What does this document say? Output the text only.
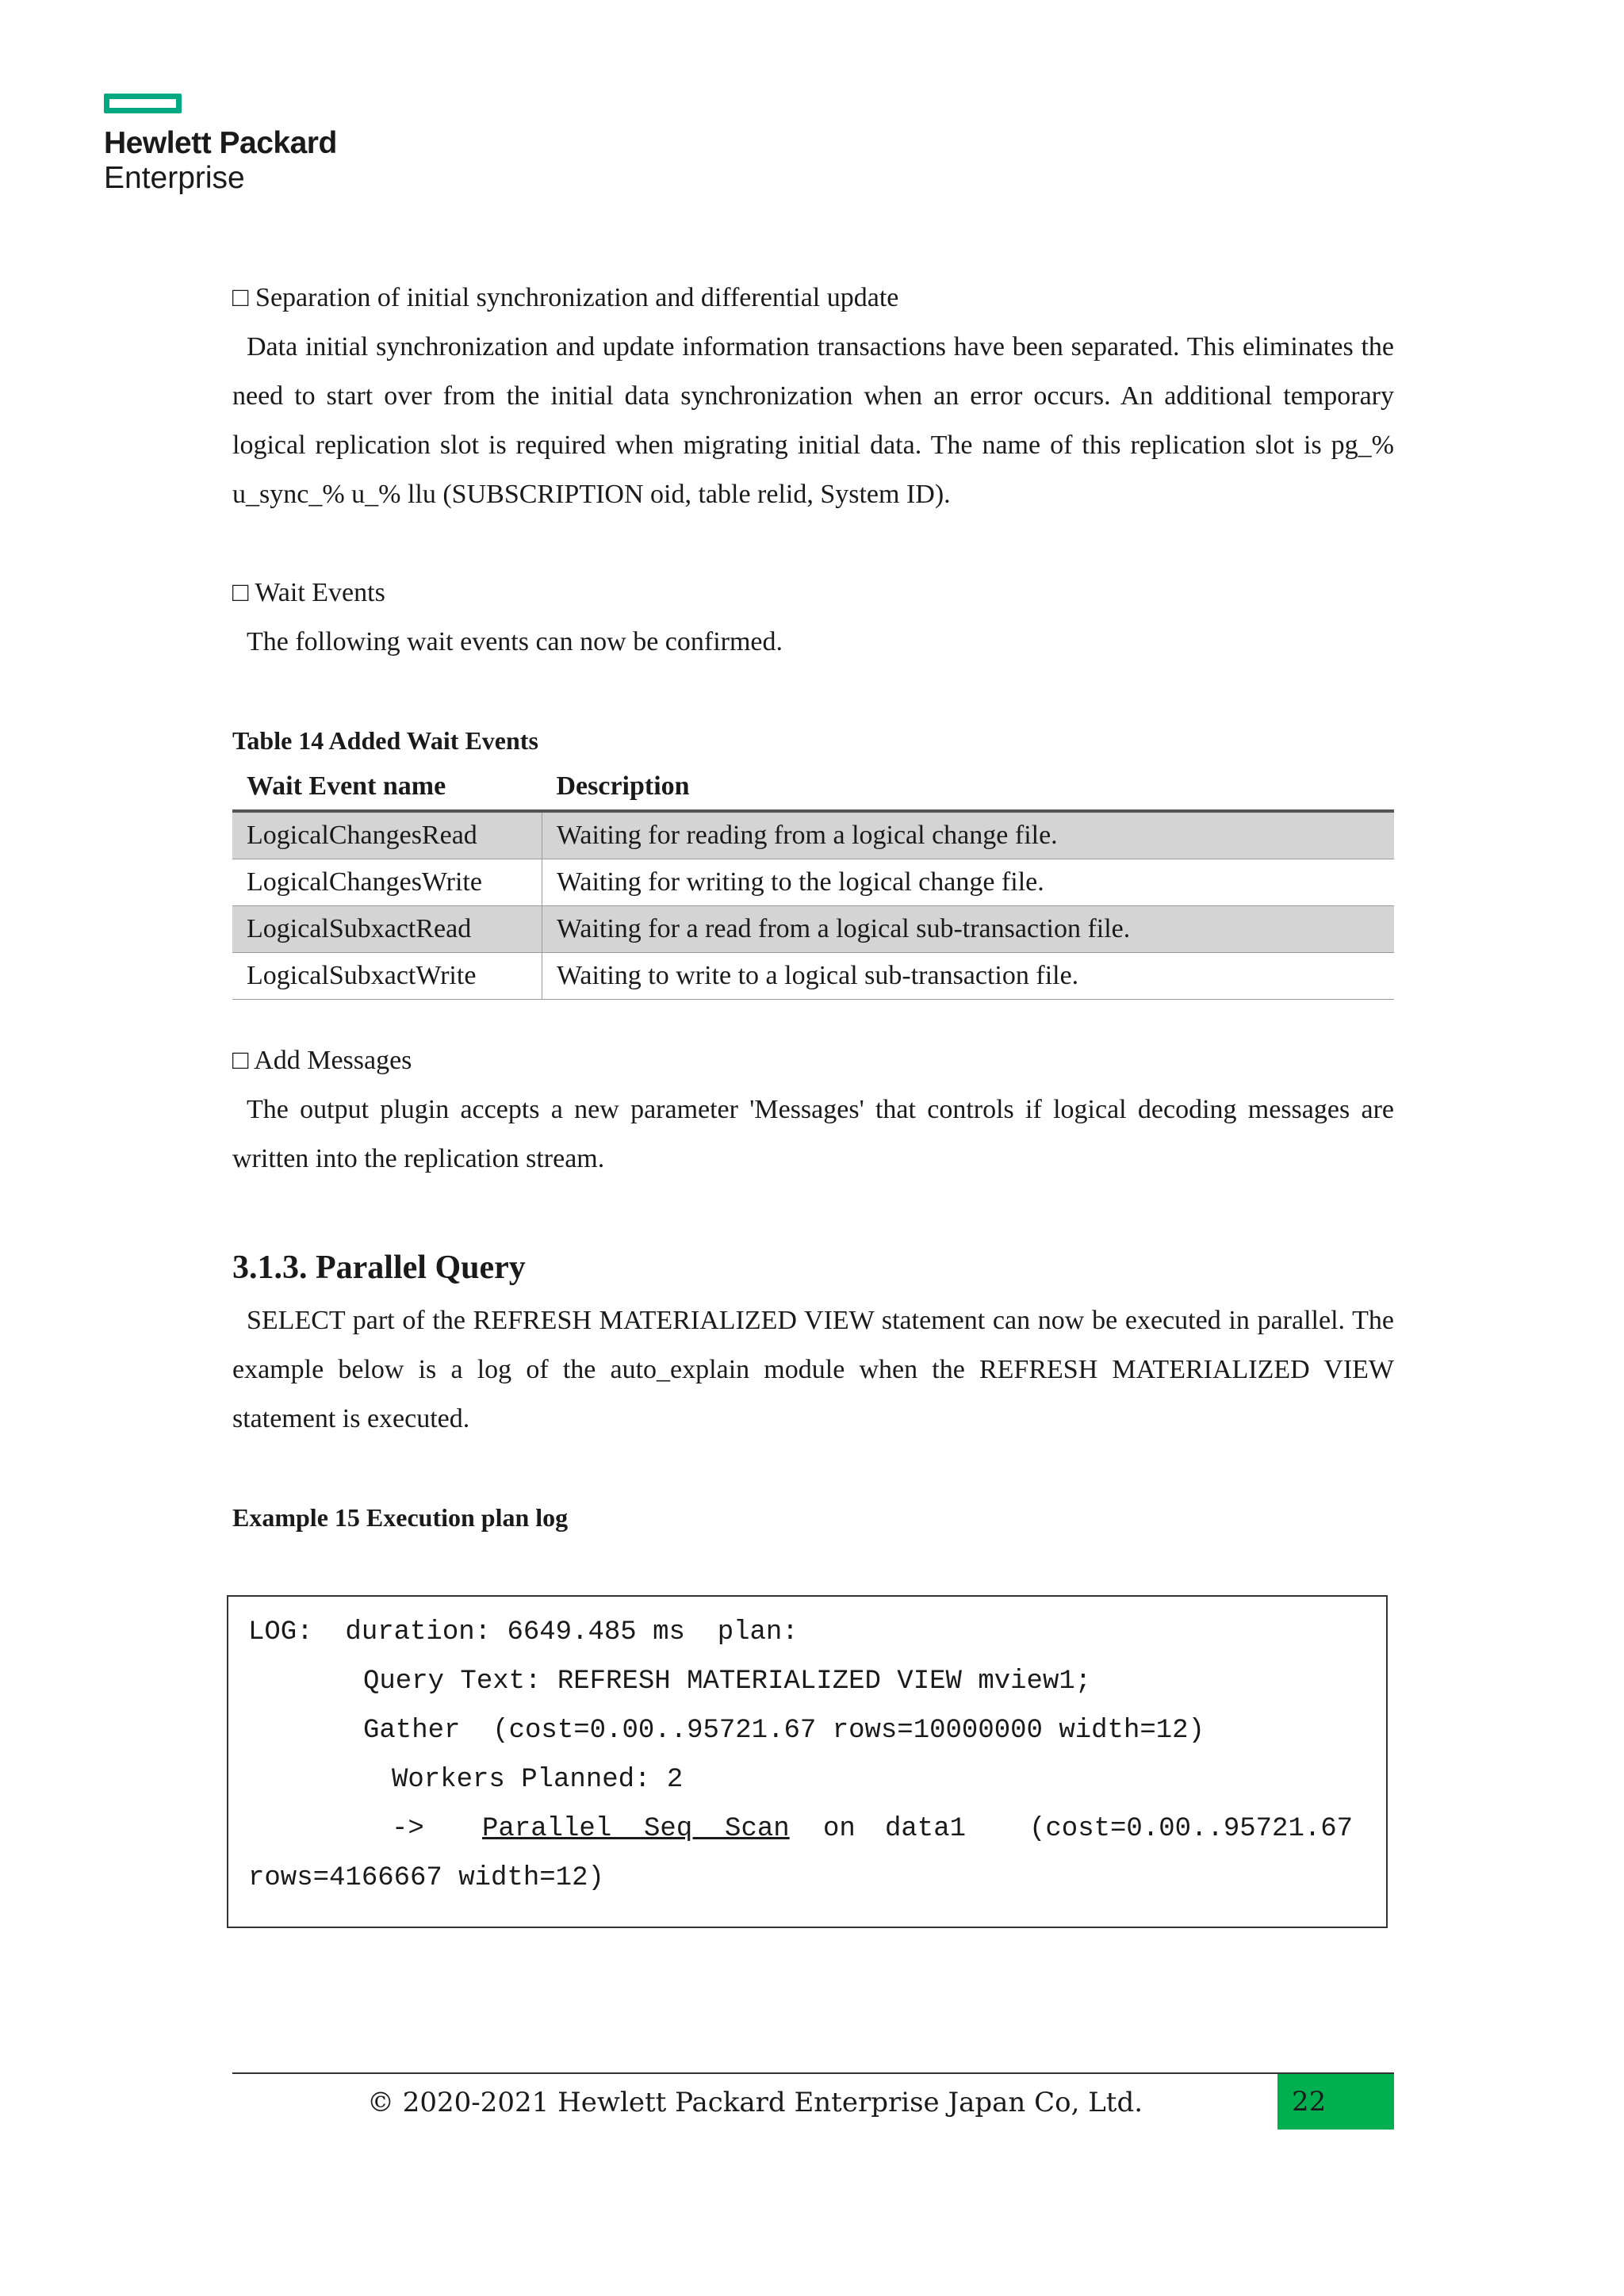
Hewlett Packard
Enterprise
□ Separation of initial synchronization and differential update
Data initial synchronization and update information transactions have been separated. This eliminates the need to start over from the initial data synchronization when an error occurs. An additional temporary logical replication slot is required when migrating initial data. The name of this replication slot is pg_% u_sync_% u_% llu (SUBSCRIPTION oid, table relid, System ID).
□ Wait Events
The following wait events can now be confirmed.
Table 14 Added Wait Events
Wait Event name	Description
LogicalChangesRead	Waiting for reading from a logical change file.
LogicalChangesWrite	Waiting for writing to the logical change file.
LogicalSubxactRead	Waiting for a read from a logical sub-transaction file.
LogicalSubxactWrite	Waiting to write to a logical sub-transaction file.
□ Add Messages
The output plugin accepts a new parameter 'Messages' that controls if logical decoding messages are written into the replication stream.
3.1.3. Parallel Query
SELECT part of the REFRESH MATERIALIZED VIEW statement can now be executed in parallel. The example below is a log of the auto_explain module when the REFRESH MATERIALIZED VIEW statement is executed.
Example 15 Execution plan log
LOG:  duration: 6649.485 ms  plan:
Query Text: REFRESH MATERIALIZED VIEW mview1;
Gather  (cost=0.00..95721.67 rows=10000000 width=12)
Workers Planned: 2
-> Parallel  Seq  Scan on data1 (cost=0.00..95721.67
rows=4166667 width=12)
© 2020-2021 Hewlett Packard Enterprise Japan Co, Ltd.	22
